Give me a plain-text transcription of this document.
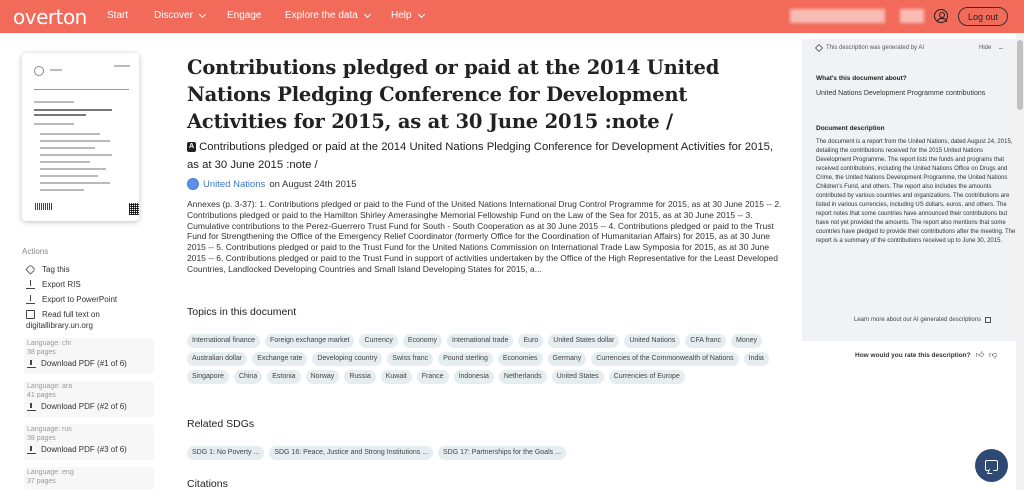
overton	Start	Discover	Engage Explore the data	Help	Log out
Actions
Tag this
Export RIS
Export to PowerPoint
Read full text on
digitallibrary.un.org
Language: chi
38 pages
Download PDF (#1 of 6)
Language: ara
41 pages
Download PDF (#2 of 6)
Language: rus
38 pages
Download PDF (#3 of 6)
Language: eng
37 pages
Contributions pledged or paid at the 2014 United Nations Pledging Conference for Development Activities for 2015, as at 30 June 2015 :note /
A Contributions pledged or paid at the 2014 United Nations Pledging Conference for Development Activities for 2015, as at 30 June 2015 :note /
United Nations on August 24th 2015

Annexes (p. 3-37): 1. Contributions pledged or paid to the Fund of the United Nations International Drug Control Programme for 2015, as at 30 June 2015 -- 2. Contributions pledged or paid to the Hamilton Shirley Amerasinghe Memorial Fellowship Fund on the Law of the Sea for 2015, as at 30 June 2015 -- 3. Cumulative contributions to the Perez-Guerrero Trust Fund for South - South Cooperation as at 30 June 2015 -- 4. Contributions pledged or paid to the Trust Fund for Strengthening the Office of the Emergency Relief Coordinator (formerly Office for the Coordination of Humanitarian Affairs) for 2015, as at 30 June 2015 -- 5. Contributions pledged or paid to the Trust Fund for the United Nations Commission on International Trade Law Symposia for 2015, as at 30 June 2015 -- 6. Contributions pledged or paid to the Trust Fund in support of activities undertaken by the Office of the High Representative for the Least Developed Countries, Landlocked Developing Countries and Small Island Developing States for 2015, a...

Topics in this document
International finance	Foreign exchange market	Currency	Economy	International trade	Euro	United States dollar	United Nations	CFA franc	Money
Australian dollar	Exchange rate	Developing country	Swiss franc	Pound sterling	Economies	Germany	Currencies of the Commonwealth of Nations	India
Singapore	China	Estonia	Norway	Russia	Kuwait	France	Indonesia	Netherlands	United States	Currencies of Europe
Related SDGs
SDG 1: No Poverty ...	SDG 16: Peace, Justice and Strong Institutions ...	SDG 17: Partnerships for the Goals ...
Citations
This description was generated by AI	Hide –
What's this document about?
United Nations Development Programme contributions
Document description
The document is a report from the United Nations, dated August 24, 2015, detailing the contributions received for the 2015 United Nations Development Programme. The report lists the funds and programs that received contributions, including the United Nations Office on Drugs and Crime, the United Nations Development Programme, the United Nations Children's Fund, and others. The report also includes the amounts contributed by various countries and organizations. The contributions are listed in various currencies, including US dollars, euros, and others. The report notes that some countries have announced their contributions but have not yet provided the amounts. The report also mentions that some countries have pledged to provide their contributions after the meeting. The report is a summary of the contributions received up to June 30, 2015.
Learn more about our AI generated descriptions
How would you rate this description? 👍︎ 👎︎
